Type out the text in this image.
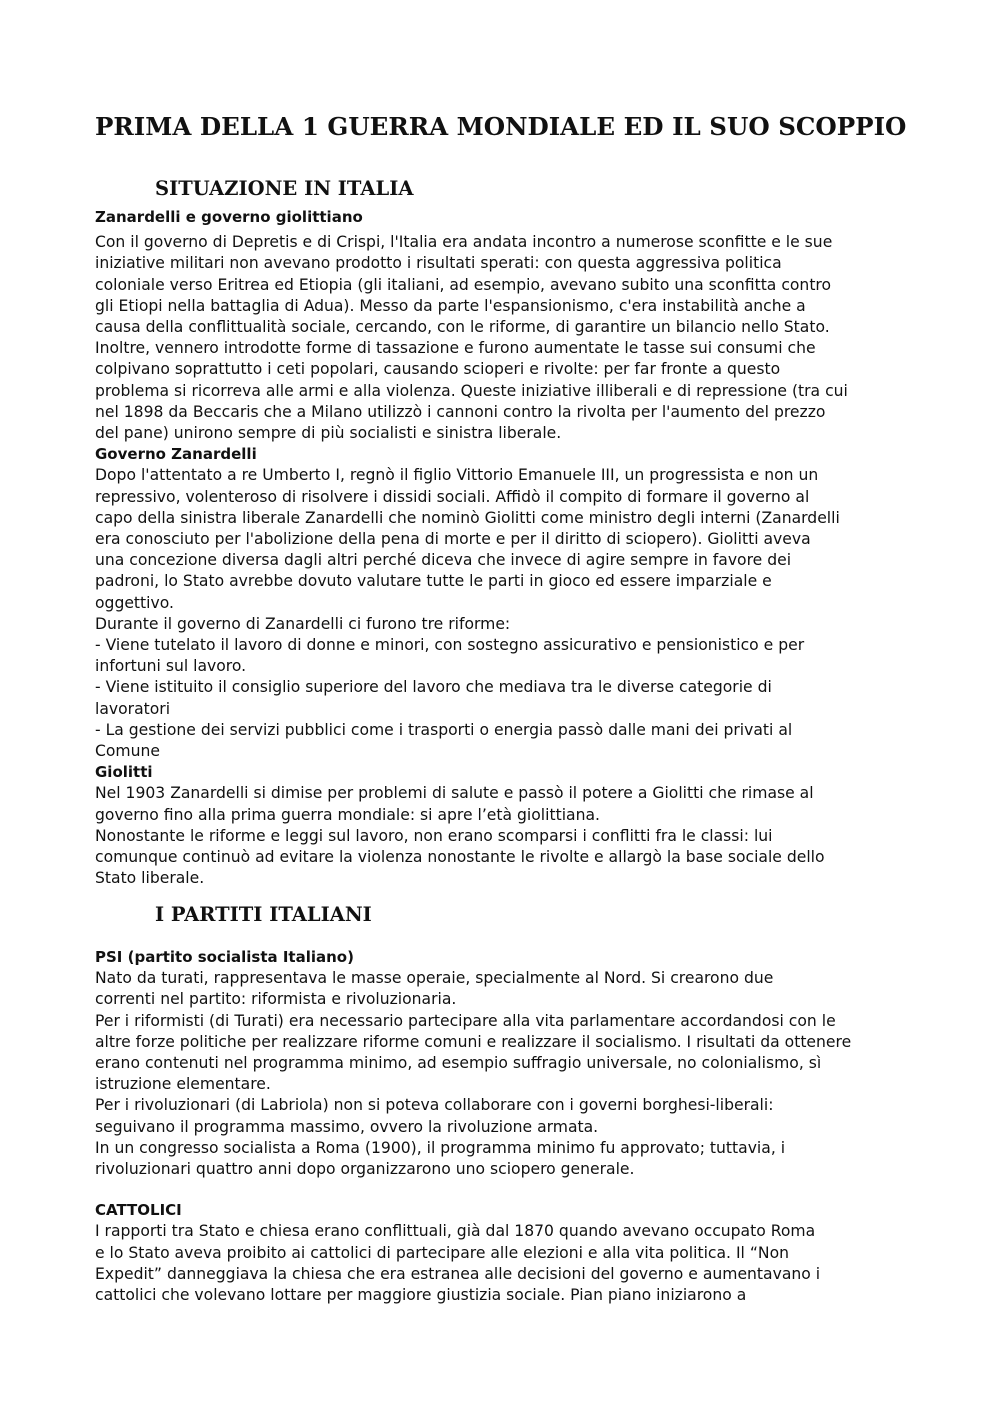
PRIMA DELLA 1 GUERRA MONDIALE ED IL SUO SCOPPIO
SITUAZIONE IN ITALIA
Zanardelli e governo giolittiano
Con il governo di Depretis e di Crispi, l'Italia era andata incontro a numerose sconfitte e le sue
iniziative militari non avevano prodotto i risultati sperati: con questa aggressiva politica
coloniale verso Eritrea ed Etiopia (gli italiani, ad esempio, avevano subito una sconfitta contro
gli Etiopi nella battaglia di Adua). Messo da parte l'espansionismo, c'era instabilità anche a
causa della conflittualità sociale, cercando, con le riforme, di garantire un bilancio nello Stato.
Inoltre, vennero introdotte forme di tassazione e furono aumentate le tasse sui consumi che
colpivano soprattutto i ceti popolari, causando scioperi e rivolte: per far fronte a questo
problema si ricorreva alle armi e alla violenza. Queste iniziative illiberali e di repressione (tra cui
nel 1898 da Beccaris che a Milano utilizzò i cannoni contro la rivolta per l'aumento del prezzo
del pane) unirono sempre di più socialisti e sinistra liberale.
Governo Zanardelli
Dopo l'attentato a re Umberto I, regnò il figlio Vittorio Emanuele III, un progressista e non un
repressivo, volenteroso di risolvere i dissidi sociali. Affidò il compito di formare il governo al
capo della sinistra liberale Zanardelli che nominò Giolitti come ministro degli interni (Zanardelli
era conosciuto per l'abolizione della pena di morte e per il diritto di sciopero). Giolitti aveva
una concezione diversa dagli altri perché diceva che invece di agire sempre in favore dei
padroni, lo Stato avrebbe dovuto valutare tutte le parti in gioco ed essere imparziale e
oggettivo.
Durante il governo di Zanardelli ci furono tre riforme:
- Viene tutelato il lavoro di donne e minori, con sostegno assicurativo e pensionistico e per
infortuni sul lavoro.
- Viene istituito il consiglio superiore del lavoro che mediava tra le diverse categorie di
lavoratori
- La gestione dei servizi pubblici come i trasporti o energia passò dalle mani dei privati al
Comune
Giolitti
Nel 1903 Zanardelli si dimise per problemi di salute e passò il potere a Giolitti che rimase al
governo fino alla prima guerra mondiale: si apre l’età giolittiana.
Nonostante le riforme e leggi sul lavoro, non erano scomparsi i conflitti fra le classi: lui
comunque continuò ad evitare la violenza nonostante le rivolte e allargò la base sociale dello
Stato liberale.
I PARTITI ITALIANI
PSI (partito socialista Italiano)
Nato da turati, rappresentava le masse operaie, specialmente al Nord. Si crearono due
correnti nel partito: riformista e rivoluzionaria.
Per i riformisti (di Turati) era necessario partecipare alla vita parlamentare accordandosi con le
altre forze politiche per realizzare riforme comuni e realizzare il socialismo. I risultati da ottenere
erano contenuti nel programma minimo, ad esempio suffragio universale, no colonialismo, sì
istruzione elementare.
Per i rivoluzionari (di Labriola) non si poteva collaborare con i governi borghesi-liberali:
seguivano il programma massimo, ovvero la rivoluzione armata.
In un congresso socialista a Roma (1900), il programma minimo fu approvato; tuttavia, i
rivoluzionari quattro anni dopo organizzarono uno sciopero generale.
CATTOLICI
I rapporti tra Stato e chiesa erano conflittuali, già dal 1870 quando avevano occupato Roma
e lo Stato aveva proibito ai cattolici di partecipare alle elezioni e alla vita politica. Il “Non
Expedit” danneggiava la chiesa che era estranea alle decisioni del governo e aumentavano i
cattolici che volevano lottare per maggiore giustizia sociale. Pian piano iniziarono a
